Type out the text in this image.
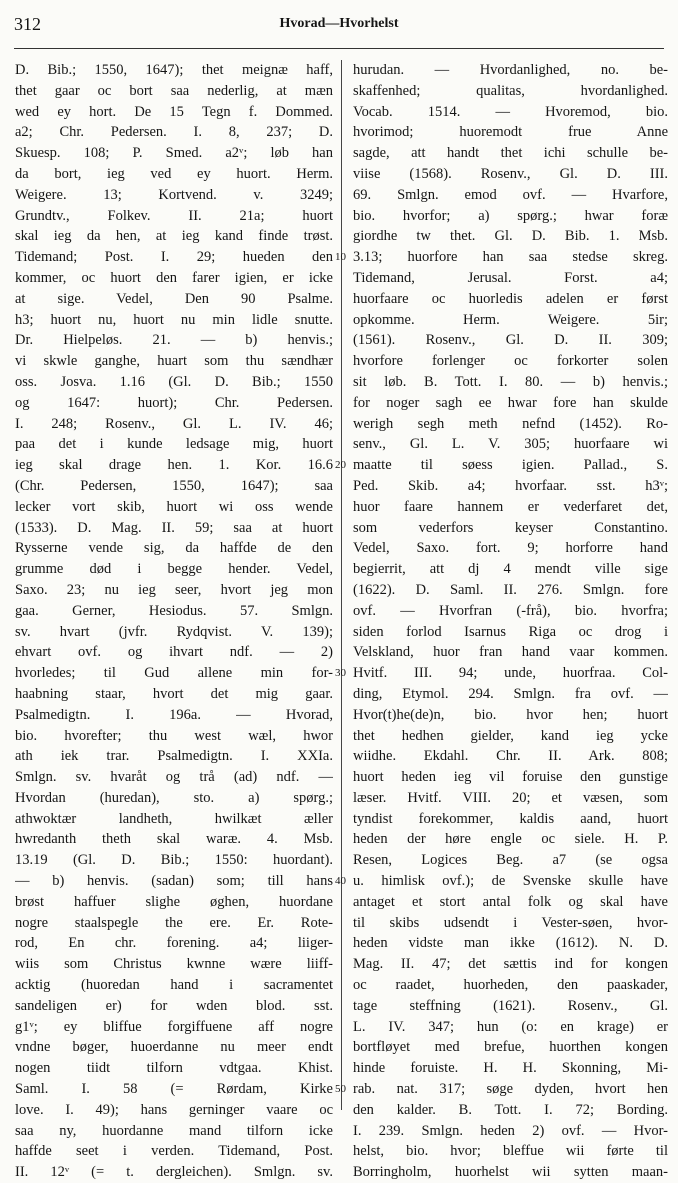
312	Hvorad—Hvorhelst
D. Bib.; 1550, 1647); thet meignæ haff,
thet gaar oc bort saa nederlig, at mæn
wed ey hort. De 15 Tegn f. Dommed.
a2; Chr. Pedersen. I. 8, 237; D.
Skuesp. 108; P. Smed. a2ᵛ; løb han
da bort, ieg ved ey huort. Herm.
Weigere. 13; Kortvend. v. 3249;
Grundtv., Folkev. II. 21a; huort
skal ieg da hen, at ieg kand finde trøst.
Tidemand; Post. I. 29; hueden den
kommer, oc huort den farer igien, er icke
at sige. Vedel, Den 90 Psalme.
h3; huort nu, huort nu min lidle snutte.
Dr. Hielpeløs. 21. — b) henvis.;
vi skwle ganghe, huart som thu sændhær
oss. Josva. 1.16 (Gl. D. Bib.; 1550
og 1647: huort); Chr. Pedersen.
I. 248; Rosenv., Gl. L. IV. 46;
paa det i kunde ledsage mig, huort
ieg skal drage hen. 1. Kor. 16.6
(Chr. Pedersen, 1550, 1647); saa
lecker vort skib, huort wi oss wende
(1533). D. Mag. II. 59; saa at huort
Rysserne vende sig, da haffde de den
grumme død i begge hender. Vedel,
Saxo. 23; nu ieg seer, hvort jeg mon
gaa. Gerner, Hesiodus. 57. Smlgn.
sv. hvart (jvfr. Rydqvist. V. 139);
ehvart ovf. og ihvart ndf. — 2)
hvorledes; til Gud allene min for-
haabning staar, hvort det mig gaar.
Psalmedigtn. I. 196a. — Hvorad,
bio. hvorefter; thu west wæl, hwor
ath iek trar. Psalmedigtn. I. XXIa.
Smlgn. sv. hvaråt og trå (ad) ndf. —
Hvordan (huredan), sto. a) spørg.;
athwoktær landheth, hwilkæt æller
hwredanth theth skal waræ. 4. Msb.
13.19 (Gl. D. Bib.; 1550: huordant).
— b) henvis. (sadan) som; till hans
brøst haffuer slighe øghen, huordane
nogre staalspegle the ere. Er. Rote-
rod, En chr. forening. a4; liiger-
wiis som Christus kwnne wære liiff-
acktig (huoredan hand i sacramentet
sandeligen er) for wden blod. sst.
g1ᵛ; ey bliffue forgiffuene aff nogre
vndne bøger, huoerdanne nu meer endt
nogen tiidt tilforn vdtgaa. Khist.
Saml. I. 58 (= Rørdam, Kirke
love. I. 49); hans gerninger vaare oc
saa ny, huordanne mand tilforn icke
haffde seet i verden. Tidemand, Post.
II. 12ᵛ (= t. dergleichen). Smlgn. sv.
10
20
30
40
50
hurudan. — Hvordanlighed, no. be-
skaffenhed; qualitas, hvordanlighed.
Vocab. 1514. — Hvoremod, bio.
hvorimod; huoremodt frue Anne
sagde, att handt thet ichi schulle be-
viise (1568). Rosenv., Gl. D. III.
69. Smlgn. emod ovf. — Hvarfore,
bio. hvorfor; a) spørg.; hwar foræ
giordhe tw thet. Gl. D. Bib. 1. Msb.
3.13; huorfore han saa stedse skreg.
Tidemand, Jerusal. Forst. a4;
huorfaare oc huorledis adelen er først
opkomme. Herm. Weigere. 5ir;
(1561). Rosenv., Gl. D. II. 309;
hvorfore forlenger oc forkorter solen
sit løb. B. Tott. I. 80. — b) henvis.;
for noger sagh ee hwar fore han skulde
werigh segh meth nefnd (1452). Ro-
senv., Gl. L. V. 305; huorfaare wi
maatte til søess igien. Pallad., S.
Ped. Skib. a4; hvorfaar. sst. h3ᵛ;
huor faare hannem er vederfaret det,
som vederfors keyser Constantino.
Vedel, Saxo. fort. 9; horforre hand
begierrit, att dj 4 mendt ville sige
(1622). D. Saml. II. 276. Smlgn. fore
ovf. — Hvorfran (-frå), bio. hvorfra;
siden forlod Isarnus Riga oc drog i
Velskland, huor fran hand vaar kommen.
Hvitf. III. 94; unde, huorfraa. Col-
ding, Etymol. 294. Smlgn. fra ovf. —
Hvor(t)he(de)n, bio. hvor hen; huort
thet hedhen gielder, kand ieg ycke
wiidhe. Ekdahl. Chr. II. Ark. 808;
huort heden ieg vil foruise den gunstige
læser. Hvitf. VIII. 20; et væsen, som
tyndist forekommer, kaldis aand, huort
heden der høre engle oc siele. H. P.
Resen, Logices Beg. a7 (se ogsa
u. himlisk ovf.); de Svenske skulle have
antaget et stort antal folk og skal have
til skibs udsendt i Vester-søen, hvor-
heden vidste man ikke (1612). N. D.
Mag. II. 47; det sættis ind for kongen
oc raadet, huorheden, den paaskader,
tage steffning (1621). Rosenv., Gl.
L. IV. 347; hun (o: en krage) er
bortfløyet med brefue, huorthen kongen
hinde foruiste. H. H. Skonning, Mi-
rab. nat. 317; søge dyden, hvort hen
den kalder. B. Tott. I. 72; Bording.
I. 239. Smlgn. heden 2) ovf. — Hvor-
helst, bio. hvor; bleffue wii førte til
Borringholm, huorhelst wii sytten maan-
